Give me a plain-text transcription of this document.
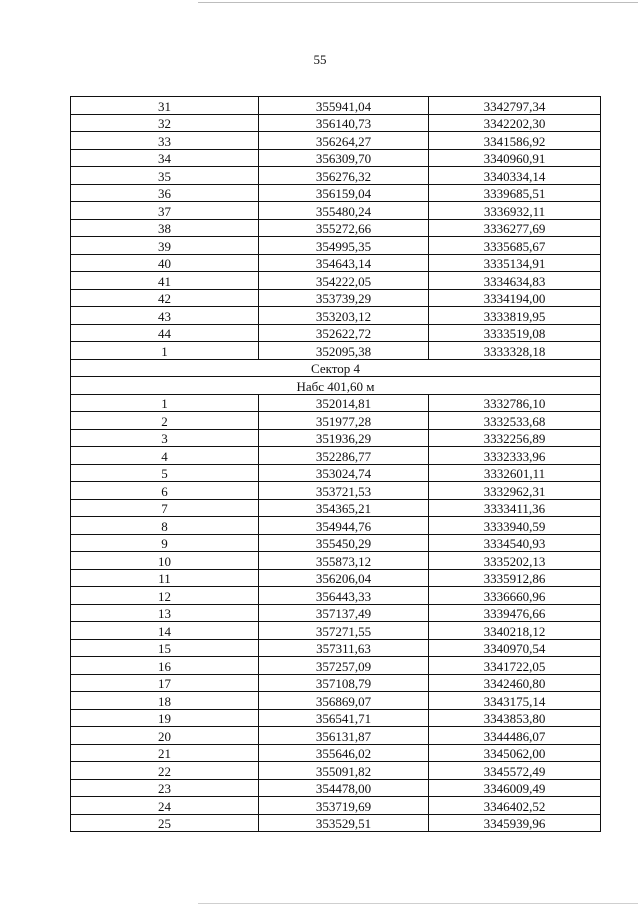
55
31	355941,04	3342797,34
32	356140,73	3342202,30
33	356264,27	3341586,92
34	356309,70	3340960,91
35	356276,32	3340334,14
36	356159,04	3339685,51
37	355480,24	3336932,11
38	355272,66	3336277,69
39	354995,35	3335685,67
40	354643,14	3335134,91
41	354222,05	3334634,83
42	353739,29	3334194,00
43	353203,12	3333819,95
44	352622,72	3333519,08
1	352095,38	3333328,18
Сектор 4		
Набс 401,60 м		
1	352014,81	3332786,10
2	351977,28	3332533,68
3	351936,29	3332256,89
4	352286,77	3332333,96
5	353024,74	3332601,11
6	353721,53	3332962,31
7	354365,21	3333411,36
8	354944,76	3333940,59
9	355450,29	3334540,93
10	355873,12	3335202,13
11	356206,04	3335912,86
12	356443,33	3336660,96
13	357137,49	3339476,66
14	357271,55	3340218,12
15	357311,63	3340970,54
16	357257,09	3341722,05
17	357108,79	3342460,80
18	356869,07	3343175,14
19	356541,71	3343853,80
20	356131,87	3344486,07
21	355646,02	3345062,00
22	355091,82	3345572,49
23	354478,00	3346009,49
24	353719,69	3346402,52
25	353529,51	3345939,96
